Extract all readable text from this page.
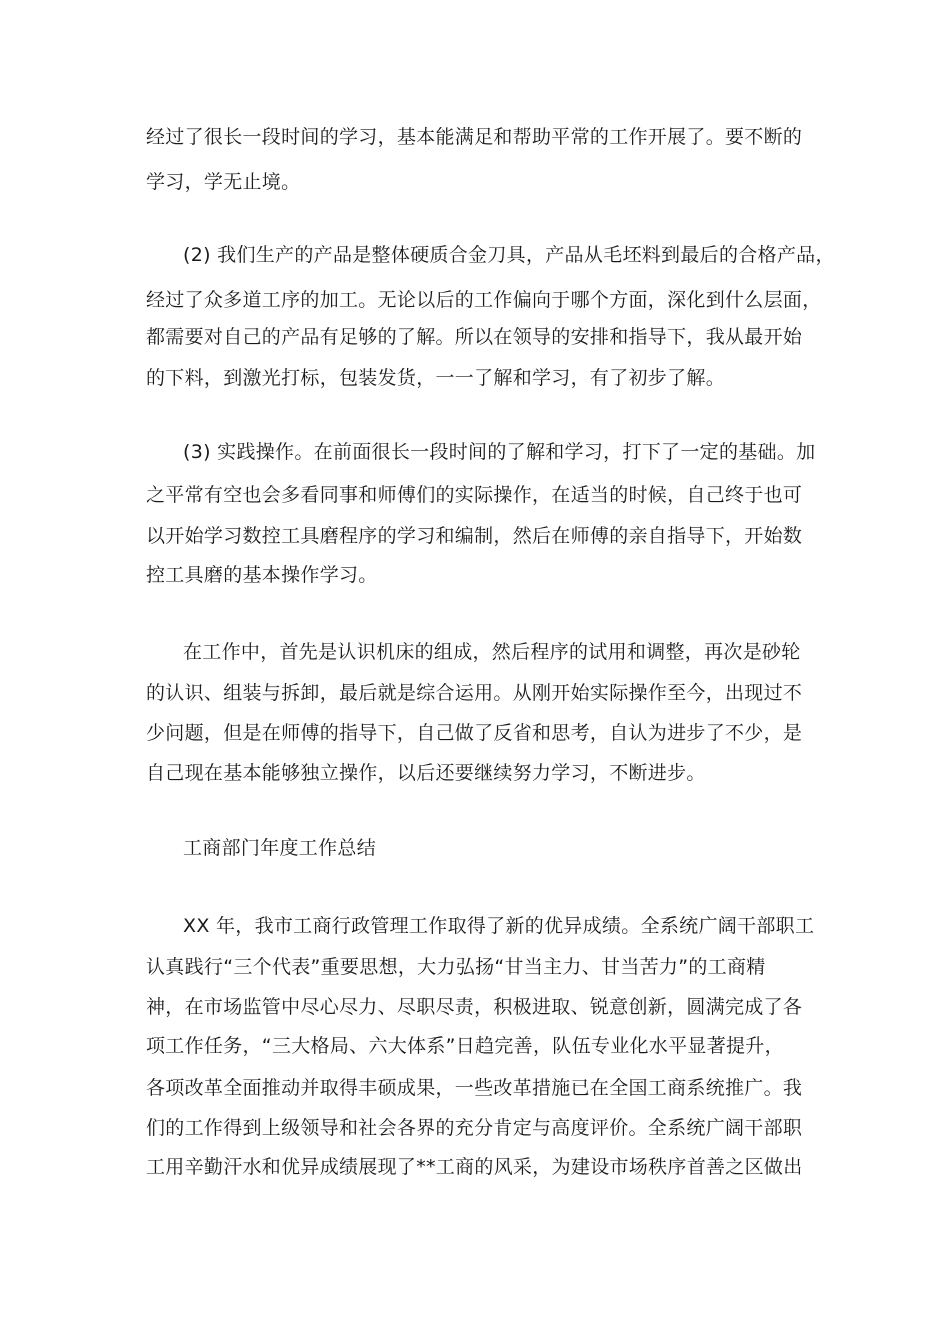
经过了很长一段时间的学习，基本能满足和帮助平常的工作开展了。要不断的
学习，学无止境。
(2) 我们生产的产品是整体硬质合金刀具，产品从毛坯料到最后的合格产品，
经过了众多道工序的加工。无论以后的工作偏向于哪个方面，深化到什么层面，
都需要对自己的产品有足够的了解。所以在领导的安排和指导下，我从最开始
的下料，到激光打标，包装发货，一一了解和学习，有了初步了解。
(3) 实践操作。在前面很长一段时间的了解和学习，打下了一定的基础。加
之平常有空也会多看同事和师傅们的实际操作，在适当的时候，自己终于也可
以开始学习数控工具磨程序的学习和编制，然后在师傅的亲自指导下，开始数
控工具磨的基本操作学习。
在工作中，首先是认识机床的组成，然后程序的试用和调整，再次是砂轮
的认识、组装与拆卸，最后就是综合运用。从刚开始实际操作至今，出现过不
少问题，但是在师傅的指导下，自己做了反省和思考，自认为进步了不少，是
自己现在基本能够独立操作，以后还要继续努力学习，不断进步。
工商部门年度工作总结
XX 年，我市工商行政管理工作取得了新的优异成绩。全系统广阔干部职工
认真践行“三个代表”重要思想，大力弘扬“甘当主力、甘当苦力”的工商精
神，在市场监管中尽心尽力、尽职尽责，积极进取、锐意创新，圆满完成了各
项工作任务，“三大格局、六大体系”日趋完善，队伍专业化水平显著提升，
各项改革全面推动并取得丰硕成果，一些改革措施已在全国工商系统推广。我
们的工作得到上级领导和社会各界的充分肯定与高度评价。全系统广阔干部职
工用辛勤汗水和优异成绩展现了**工商的风采，为建设市场秩序首善之区做出
